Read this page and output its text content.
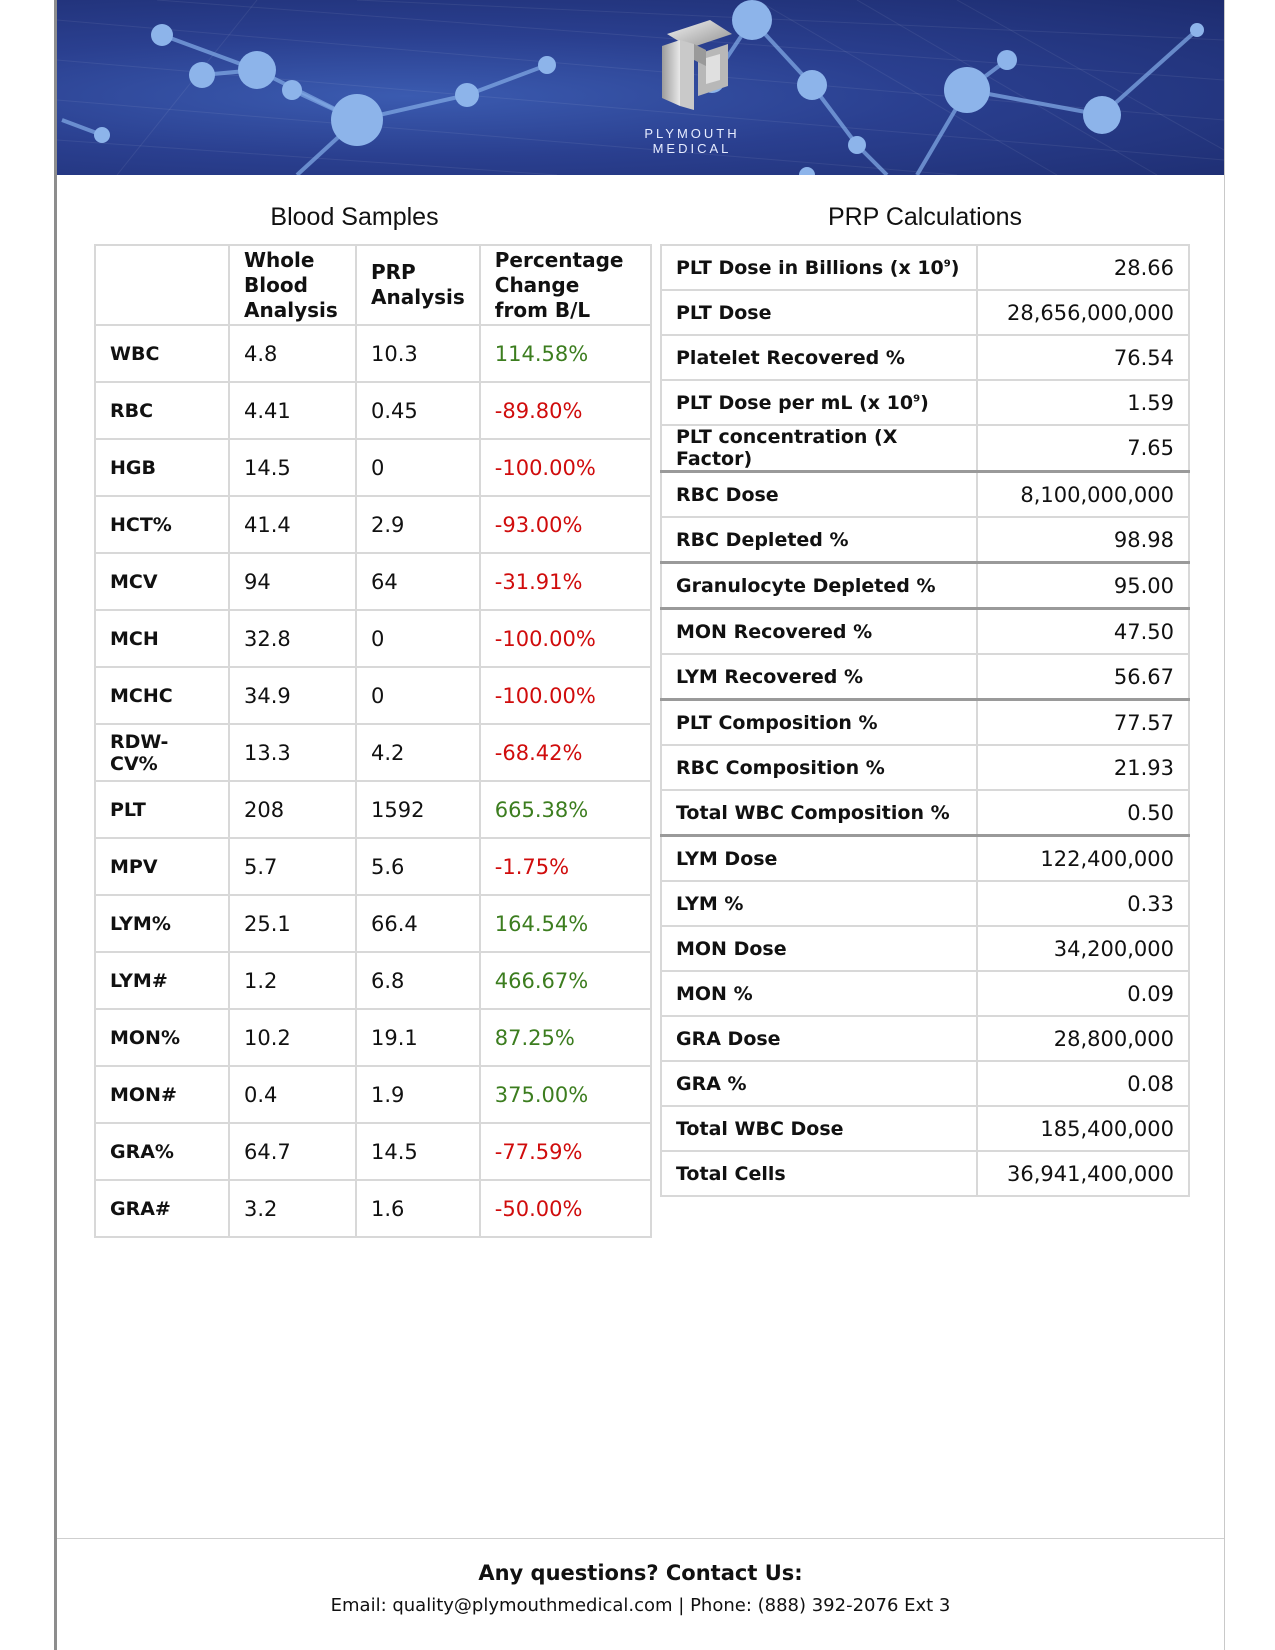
PLYMOUTH
MEDICAL
Blood Samples	PRP Calculations
	Whole Blood Analysis	PRP Analysis	Percentage Change from B/L
WBC	4.8	10.3	114.58%
RBC	4.41	0.45	-89.80%
HGB	14.5	0	-100.00%
HCT%	41.4	2.9	-93.00%
MCV	94	64	-31.91%
MCH	32.8	0	-100.00%
MCHC	34.9	0	-100.00%
RDW-CV%	13.3	4.2	-68.42%
PLT	208	1592	665.38%
MPV	5.7	5.6	-1.75%
LYM%	25.1	66.4	164.54%
LYM#	1.2	6.8	466.67%
MON%	10.2	19.1	87.25%
MON#	0.4	1.9	375.00%
GRA%	64.7	14.5	-77.59%
GRA#	3.2	1.6	-50.00%
PLT Dose in Billions (x $10^9$)	28.66
PLT Dose	28,656,000,000
Platelet Recovered %	76.54
PLT Dose per mL (x $10^9$)	1.59
PLT concentration (X Factor)	7.65
RBC Dose	8,100,000,000
RBC Depleted %	98.98
Granulocyte Depleted %	95.00
MON Recovered %	47.50
LYM Recovered %	56.67
PLT Composition %	77.57
RBC Composition %	21.93
Total WBC Composition %	0.50
LYM Dose	122,400,000
LYM %	0.33
MON Dose	34,200,000
MON %	0.09
GRA Dose	28,800,000
GRA %	0.08
Total WBC Dose	185,400,000
Total Cells	36,941,400,000
Any questions? Contact Us:
Email: quality@plymouthmedical.com | Phone: (888) 392-2076 Ext 3
